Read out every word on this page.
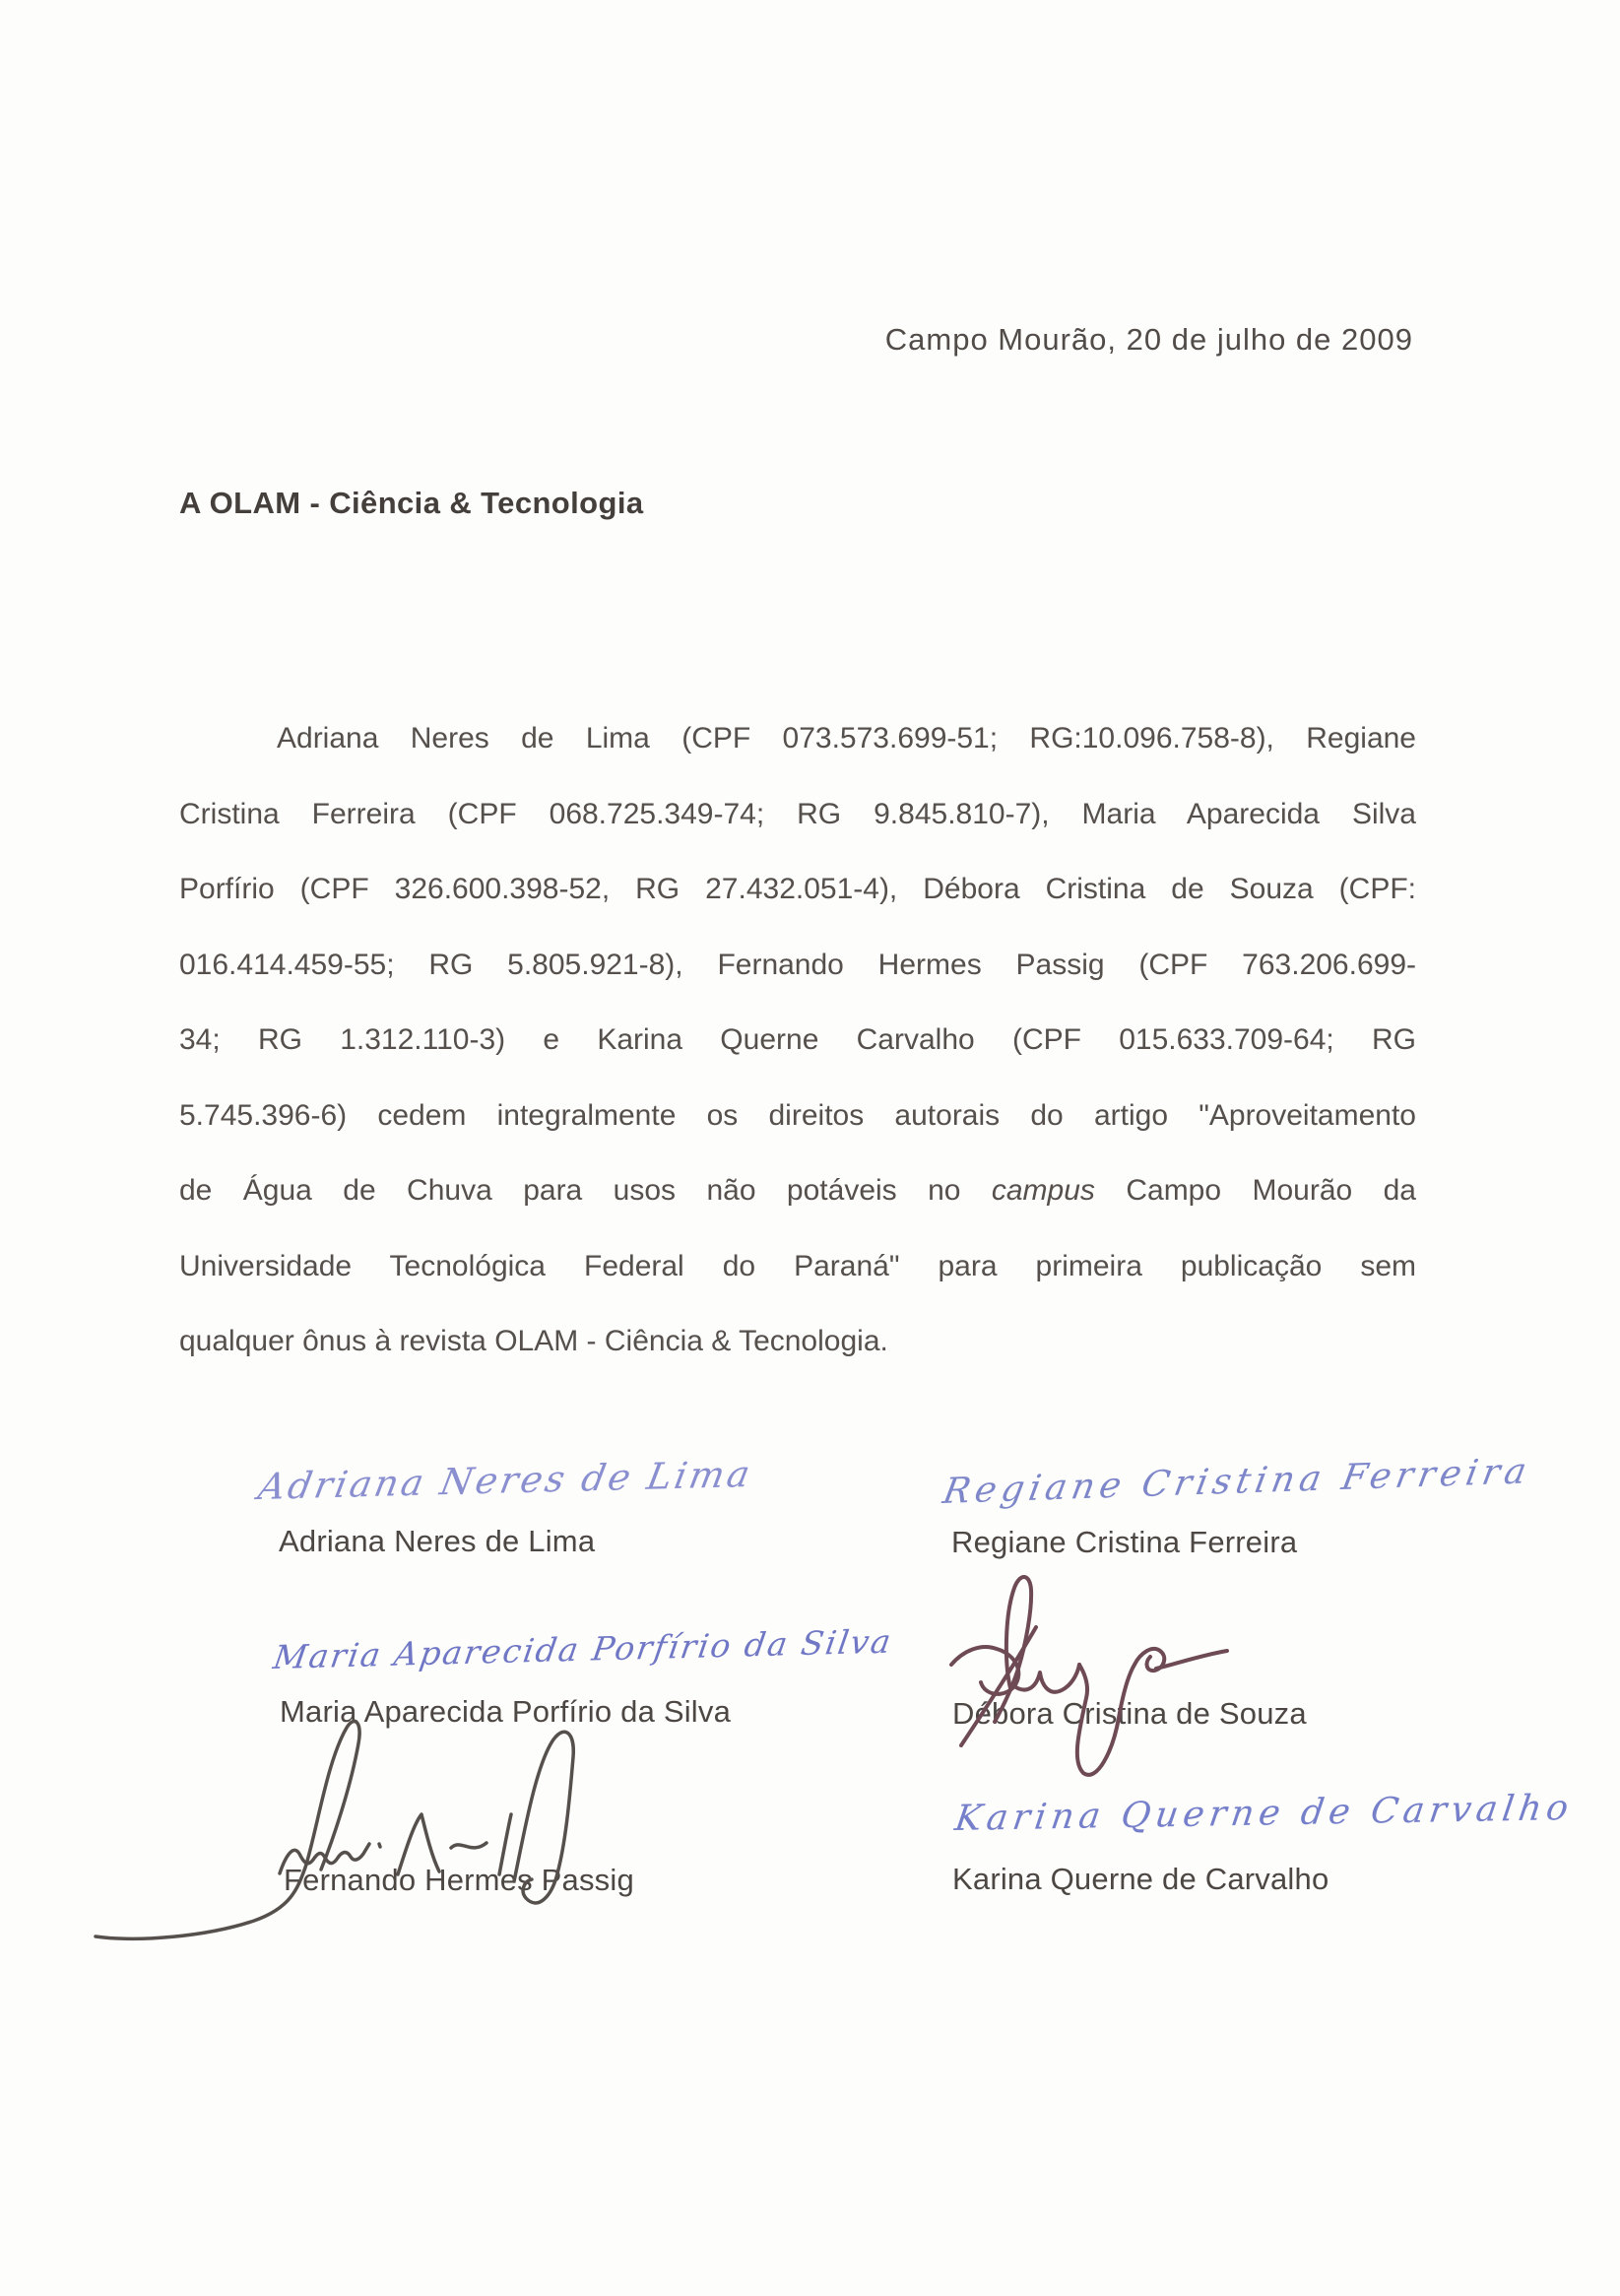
Campo Mourão, 20 de julho de 2009
A OLAM - Ciência & Tecnologia
Adriana Neres de Lima (CPF 073.573.699-51; RG:10.096.758-8), Regiane
Cristina Ferreira (CPF 068.725.349-74; RG 9.845.810-7), Maria Aparecida Silva
Porfírio (CPF 326.600.398-52, RG 27.432.051-4), Débora Cristina de Souza (CPF:
016.414.459-55; RG 5.805.921-8), Fernando Hermes Passig (CPF 763.206.699-
34; RG 1.312.110-3) e Karina Querne Carvalho (CPF 015.633.709-64; RG
5.745.396-6) cedem integralmente os direitos autorais do artigo "Aproveitamento
de Água de Chuva para usos não potáveis no campus Campo Mourão da
Universidade Tecnológica Federal do Paraná" para primeira publicação sem
qualquer ônus à revista OLAM - Ciência & Tecnologia.
Adriana Neres de Lima
Adriana Neres de Lima
Regiane Cristina Ferreira
Regiane Cristina Ferreira
Maria Aparecida Porfírio da Silva
Maria Aparecida Porfírio da Silva	Débora Cristina de Souza
Fernando Hermes Passig
Karina Querne de Carvalho
Karina Querne de Carvalho
